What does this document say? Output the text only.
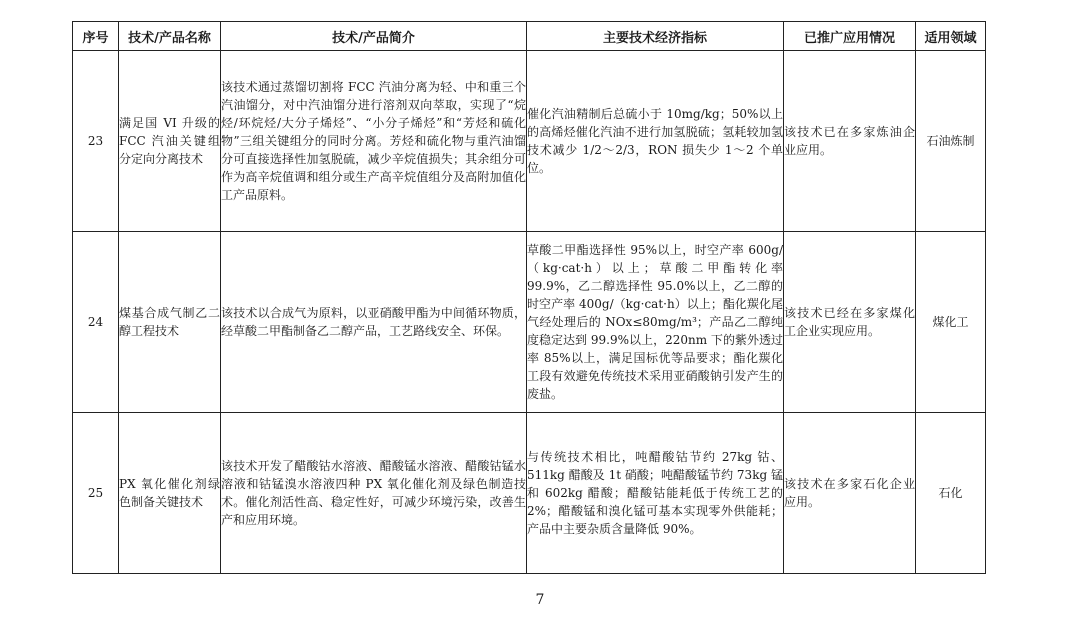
序号	技术/产品名称	技术/产品简介	主要技术经济指标	已推广应用情况	适用领域
23	满足国 VI 升级的 FCC 汽油关键组分定向分离技术	该技术通过蒸馏切割将 FCC 汽油分离为轻、中和重三个汽油馏分，对中汽油馏分进行溶剂双向萃取，实现了“烷烃/环烷烃/大分子烯烃”、“小分子烯烃”和“芳烃和硫化物”三组关键组分的同时分离。芳烃和硫化物与重汽油馏分可直接选择性加氢脱硫，减少辛烷值损失；其余组分可作为高辛烷值调和组分或生产高辛烷值组分及高附加值化工产品原料。	催化汽油精制后总硫小于 10mg/kg；50%以上的高烯烃催化汽油不进行加氢脱硫；氢耗较加氢技术减少 1/2～2/3，RON 损失少 1～2 个单位。	该技术已在多家炼油企业应用。	石油炼制
24	煤基合成气制乙二醇工程技术	该技术以合成气为原料，以亚硝酸甲酯为中间循环物质，经草酸二甲酯制备乙二醇产品，工艺路线安全、环保。	草酸二甲酯选择性 95%以上，时空产率 600g/（kg·cat·h）以上；草酸二甲酯转化率 99.9%，乙二醇选择性 95.0%以上，乙二醇的时空产率 400g/（kg·cat·h）以上；酯化羰化尾气经处理后的 NOx≤80mg/m³；产品乙二醇纯度稳定达到 99.9%以上，220nm 下的紫外透过率 85%以上，满足国标优等品要求；酯化羰化工段有效避免传统技术采用亚硝酸钠引发产生的废盐。	该技术已经在多家煤化工企业实现应用。	煤化工
25	PX 氧化催化剂绿色制备关键技术	该技术开发了醋酸钴水溶液、醋酸锰水溶液、醋酸钴锰水溶液和钴锰溴水溶液四种 PX 氧化催化剂及绿色制造技术。催化剂活性高、稳定性好，可减少环境污染，改善生产和应用环境。	与传统技术相比，吨醋酸钴节约 27kg 钴、511kg 醋酸及 1t 硝酸；吨醋酸锰节约 73kg 锰和 602kg 醋酸；醋酸钴能耗低于传统工艺的 2%；醋酸锰和溴化锰可基本实现零外供能耗；产品中主要杂质含量降低 90%。	该技术在多家石化企业应用。	石化
7
